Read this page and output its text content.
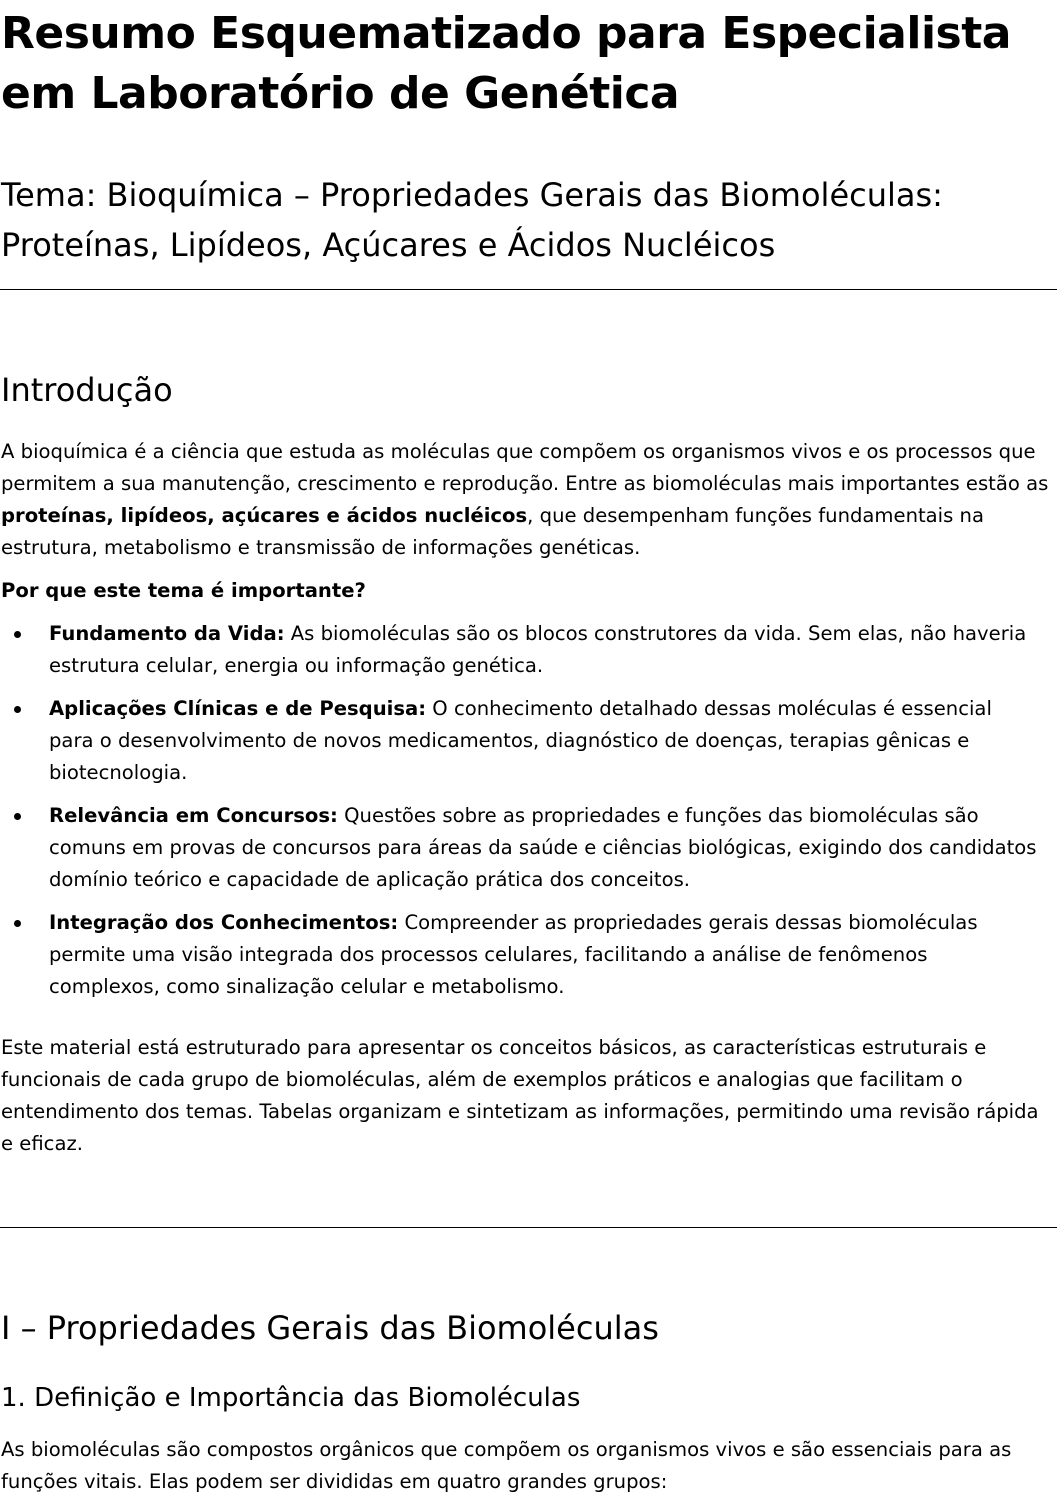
Resumo Esquematizado para Especialista em Laboratório de Genética
Tema: Bioquímica – Propriedades Gerais das Biomoléculas: Proteínas, Lipídeos, Açúcares e Ácidos Nucléicos
Introdução

A bioquímica é a ciência que estuda as moléculas que compõem os organismos vivos e os processos que permitem a sua manutenção, crescimento e reprodução. Entre as biomoléculas mais importantes estão as proteínas, lipídeos, açúcares e ácidos nucléicos, que desempenham funções fundamentais na estrutura, metabolismo e transmissão de informações genéticas.

Por que este tema é importante?

Fundamento da Vida: As biomoléculas são os blocos construtores da vida. Sem elas, não haveria estrutura celular, energia ou informação genética.
Aplicações Clínicas e de Pesquisa: O conhecimento detalhado dessas moléculas é essencial para o desenvolvimento de novos medicamentos, diagnóstico de doenças, terapias gênicas e biotecnologia.
Relevância em Concursos: Questões sobre as propriedades e funções das biomoléculas são comuns em provas de concursos para áreas da saúde e ciências biológicas, exigindo dos candidatos domínio teórico e capacidade de aplicação prática dos conceitos.
Integração dos Conhecimentos: Compreender as propriedades gerais dessas biomoléculas permite uma visão integrada dos processos celulares, facilitando a análise de fenômenos complexos, como sinalização celular e metabolismo.

Este material está estruturado para apresentar os conceitos básicos, as características estruturais e funcionais de cada grupo de biomoléculas, além de exemplos práticos e analogias que facilitam o entendimento dos temas. Tabelas organizam e sintetizam as informações, permitindo uma revisão rápida e eficaz.

I – Propriedades Gerais das Biomoléculas
1. Definição e Importância das Biomoléculas

As biomoléculas são compostos orgânicos que compõem os organismos vivos e são essenciais para as funções vitais. Elas podem ser divididas em quatro grandes grupos:
